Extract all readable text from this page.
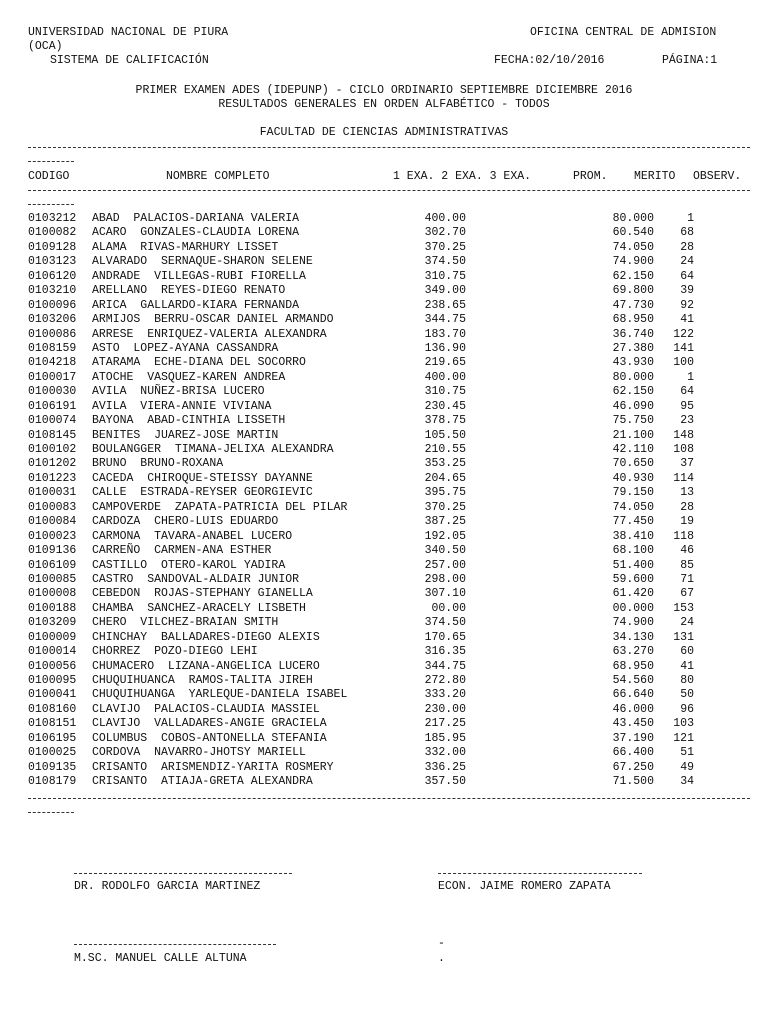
UNIVERSIDAD NACIONAL DE PIURA	OFICINA CENTRAL DE ADMISION
(OCA)
SISTEMA DE CALIFICACIÓN	FECHA:02/10/2016	PÁGINA:1
PRIMER EXAMEN ADES (IDEPUNP) - CICLO ORDINARIO SEPTIEMBRE DICIEMBRE 2016
RESULTADOS GENERALES EN ORDEN ALFABÉTICO - TODOS
FACULTAD DE CIENCIAS ADMINISTRATIVAS
CODIGO	NOMBRE COMPLETO	1 EXA. 2 EXA. 3 EXA.	PROM. MERITO OBSERV.
0103212 ABAD  PALACIOS-DARIANA VALERIA	400.00	80.000	1
0100082 ACARO  GONZALES-CLAUDIA LORENA	302.70	60.540	68
0109128 ALAMA  RIVAS-MARHURY LISSET	370.25	74.050	28
0103123 ALVARADO  SERNAQUE-SHARON SELENE	374.50	74.900	24
0106120 ANDRADE  VILLEGAS-RUBI FIORELLA	310.75	62.150	64
0103210 ARELLANO  REYES-DIEGO RENATO	349.00	69.800	39
0100096 ARICA  GALLARDO-KIARA FERNANDA	238.65	47.730	92
0103206 ARMIJOS  BERRU-OSCAR DANIEL ARMANDO	344.75	68.950	41
0100086 ARRESE  ENRIQUEZ-VALERIA ALEXANDRA	183.70	36.740	122
0108159 ASTO  LOPEZ-AYANA CASSANDRA	136.90	27.380	141
0104218 ATARAMA  ECHE-DIANA DEL SOCORRO	219.65	43.930	100
0100017 ATOCHE  VASQUEZ-KAREN ANDREA	400.00	80.000	1
0100030 AVILA  NUÑEZ-BRISA LUCERO	310.75	62.150	64
0106191 AVILA  VIERA-ANNIE VIVIANA	230.45	46.090	95
0100074 BAYONA  ABAD-CINTHIA LISSETH	378.75	75.750	23
0108145 BENITES  JUAREZ-JOSE MARTIN	105.50	21.100	148
0100102 BOULANGGER  TIMANA-JELIXA ALEXANDRA	210.55	42.110	108
0101202 BRUNO  BRUNO-ROXANA	353.25	70.650	37
0101223 CACEDA  CHIROQUE-STEISSY DAYANNE	204.65	40.930	114
0100031 CALLE  ESTRADA-REYSER GEORGIEVIC	395.75	79.150	13
0100083 CAMPOVERDE  ZAPATA-PATRICIA DEL PILAR	370.25	74.050	28
0100084 CARDOZA  CHERO-LUIS EDUARDO	387.25	77.450	19
0100023 CARMONA  TAVARA-ANABEL LUCERO	192.05	38.410	118
0109136 CARREÑO  CARMEN-ANA ESTHER	340.50	68.100	46
0106109 CASTILLO  OTERO-KAROL YADIRA	257.00	51.400	85
0100085 CASTRO  SANDOVAL-ALDAIR JUNIOR	298.00	59.600	71
0100008 CEBEDON  ROJAS-STEPHANY GIANELLA	307.10	61.420	67
0100188 CHAMBA  SANCHEZ-ARACELY LISBETH	00.00	00.000	153
0103209 CHERO  VILCHEZ-BRAIAN SMITH	374.50	74.900	24
0100009 CHINCHAY  BALLADARES-DIEGO ALEXIS	170.65	34.130	131
0100014 CHORREZ  POZO-DIEGO LEHI	316.35	63.270	60
0100056 CHUMACERO  LIZANA-ANGELICA LUCERO	344.75	68.950	41
0100095 CHUQUIHUANCA  RAMOS-TALITA JIREH	272.80	54.560	80
0100041 CHUQUIHUANGA  YARLEQUE-DANIELA ISABEL	333.20	66.640	50
0108160 CLAVIJO  PALACIOS-CLAUDIA MASSIEL	230.00	46.000	96
0108151 CLAVIJO  VALLADARES-ANGIE GRACIELA	217.25	43.450	103
0106195 COLUMBUS  COBOS-ANTONELLA STEFANIA	185.95	37.190	121
0100025 CORDOVA  NAVARRO-JHOTSY MARIELL	332.00	66.400	51
0109135 CRISANTO  ARISMENDIZ-YARITA ROSMERY	336.25	67.250	49
0108179 CRISANTO  ATIAJA-GRETA ALEXANDRA	357.50	71.500	34
DR. RODOLFO GARCIA MARTINEZ	ECON. JAIME ROMERO ZAPATA
M.SC. MANUEL CALLE ALTUNA
-
.
